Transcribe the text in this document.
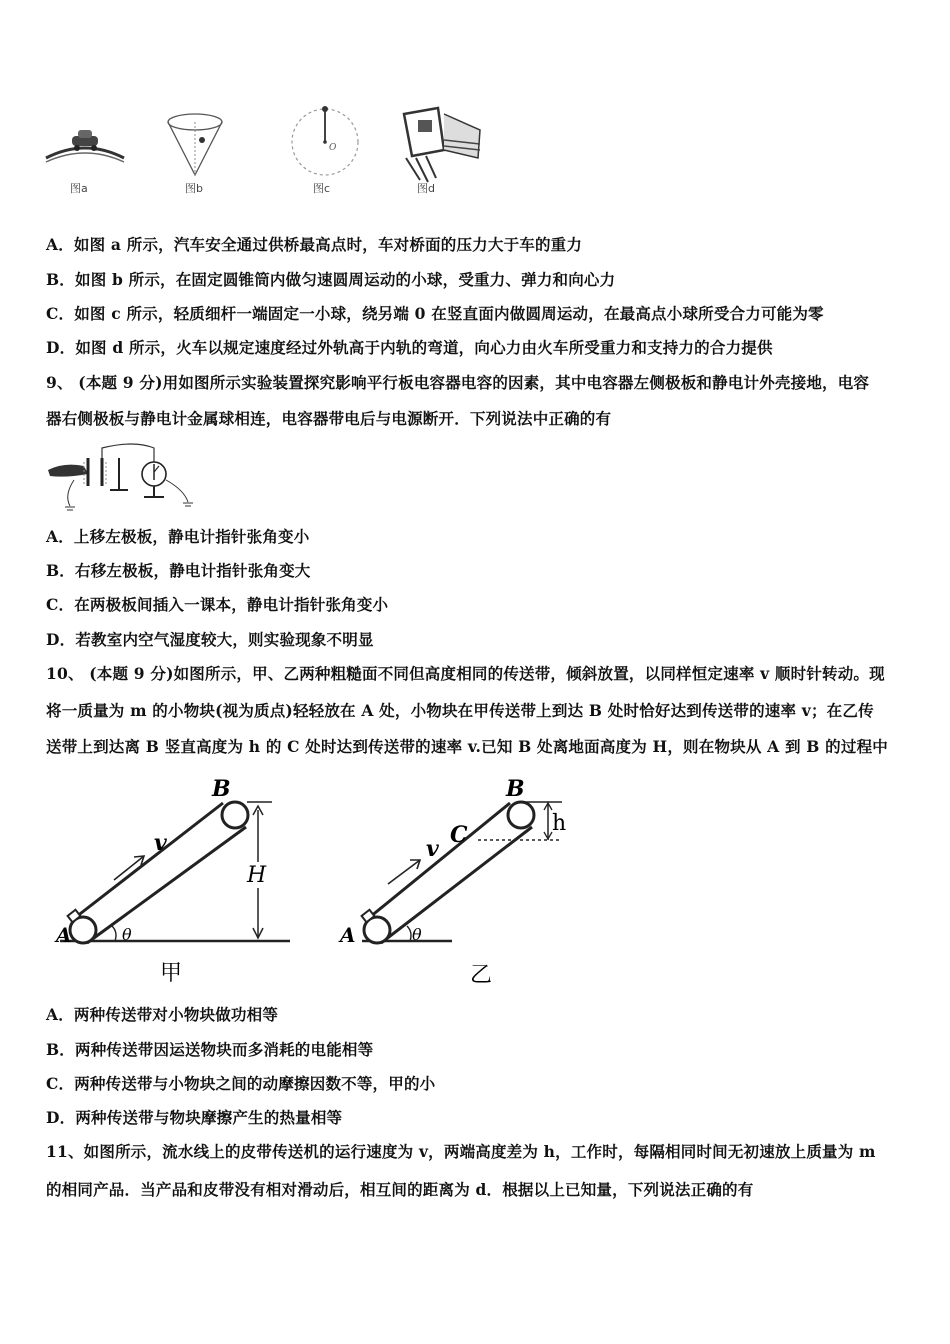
图a	图b
O
图c	图d
A．如图 a 所示，汽车安全通过供桥最高点时，车对桥面的压力大于车的重力
B．如图 b 所示，在固定圆锥筒内做匀速圆周运动的小球，受重力、弹力和向心力
C．如图 c 所示，轻质细杆一端固定一小球，绕另端 0 在竖直面内做圆周运动，在最高点小球所受合力可能为零
D．如图 d 所示，火车以规定速度经过外轨高于内轨的弯道，向心力由火车所受重力和支持力的合力提供
9、 (本题 9 分)用如图所示实验装置探究影响平行板电容器电容的因素，其中电容器左侧极板和静电计外壳接地，电容
器右侧极板与静电计金属球相连，电容器带电后与电源断开．下列说法中正确的有
A．上移左极板，静电计指针张角变小
B．右移左极板，静电计指针张角变大
C．在两极板间插入一课本，静电计指针张角变小
D．若教室内空气湿度较大，则实验现象不明显
10、 (本题 9 分)如图所示，甲、乙两种粗糙面不同但高度相同的传送带，倾斜放置，以同样恒定速率 v 顺时针转动。现
将一质量为 m 的小物块(视为质点)轻轻放在 A 处，小物块在甲传送带上到达 B 处时恰好达到传送带的速率 v；在乙传
送带上到达离 B 竖直高度为 h 的 C 处时达到传送带的速率 v.已知 B 处离地面高度为 H，则在物块从 A 到 B 的过程中
B
A
v
H
θ
甲
B
C
A
v
h
θ
乙
A．两种传送带对小物块做功相等
B．两种传送带因运送物块而多消耗的电能相等
C．两种传送带与小物块之间的动摩擦因数不等，甲的小
D．两种传送带与物块摩擦产生的热量相等
11、如图所示，流水线上的皮带传送机的运行速度为 v，两端高度差为 h，工作时，每隔相同时间无初速放上质量为 m
的相同产品．当产品和皮带没有相对滑动后，相互间的距离为 d．根据以上已知量，下列说法正确的有
